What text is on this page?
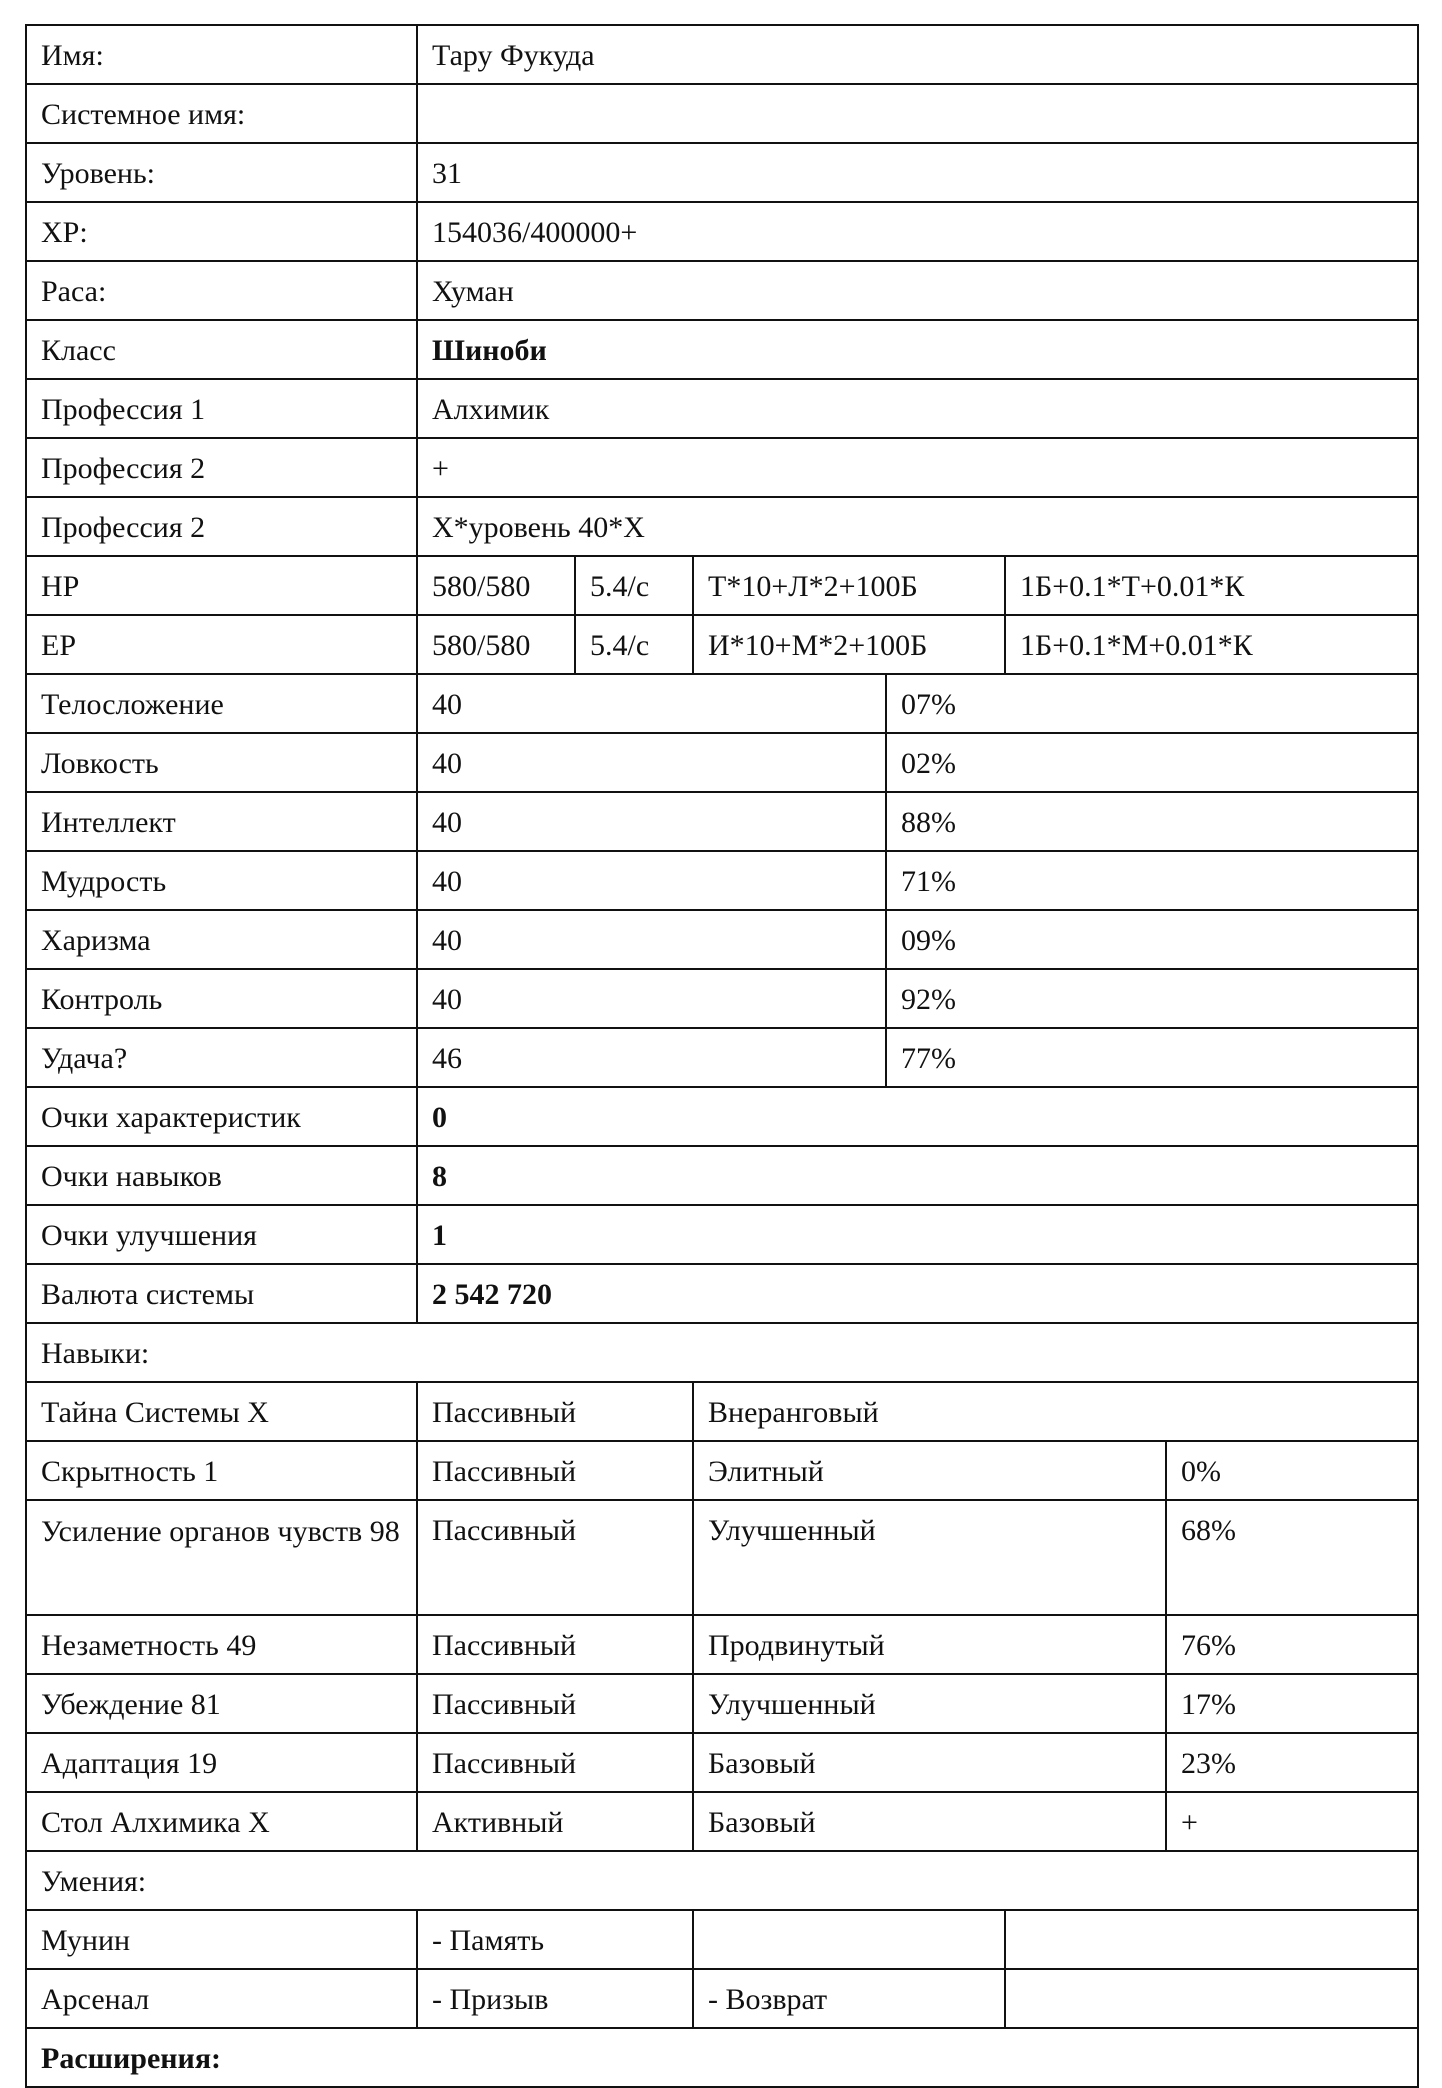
Имя:	Тару Фукуда					
Системное имя:						
Уровень:	31					
XP:	154036/400000+					
Раса:	Хуман					
Класс	Шиноби					
Профессия 1	Алхимик					
Профессия 2	+					
Профессия 2	Х*уровень 40*Х					
HP	580/580	5.4/с	Т*10+Л*2+100Б		1Б+0.1*Т+0.01*К	
EP	580/580	5.4/с	И*10+М*2+100Б		1Б+0.1*М+0.01*К	
Телосложение	40			07%		
Ловкость	40			02%		
Интеллект	40			88%		
Мудрость	40			71%		
Харизма	40			09%		
Контроль	40			92%		
Удача?	46			77%		
Очки характеристик	0					
Очки навыков	8					
Очки улучшения	1					
Валюта системы	2 542 720					
Навыки:						
Тайна Системы Х	Пассивный		Внеранговый			
Скрытность 1	Пассивный		Элитный			0%
Усиление органов чувств 98	Пассивный		Улучшенный			68%
Незаметность 49	Пассивный		Продвинутый			76%
Убеждение 81	Пассивный		Улучшенный			17%
Адаптация 19	Пассивный		Базовый			23%
Стол Алхимика Х	Активный		Базовый			+
Умения:						
Мунин	- Память					
Арсенал	- Призыв		- Возврат			
Расширения:						
